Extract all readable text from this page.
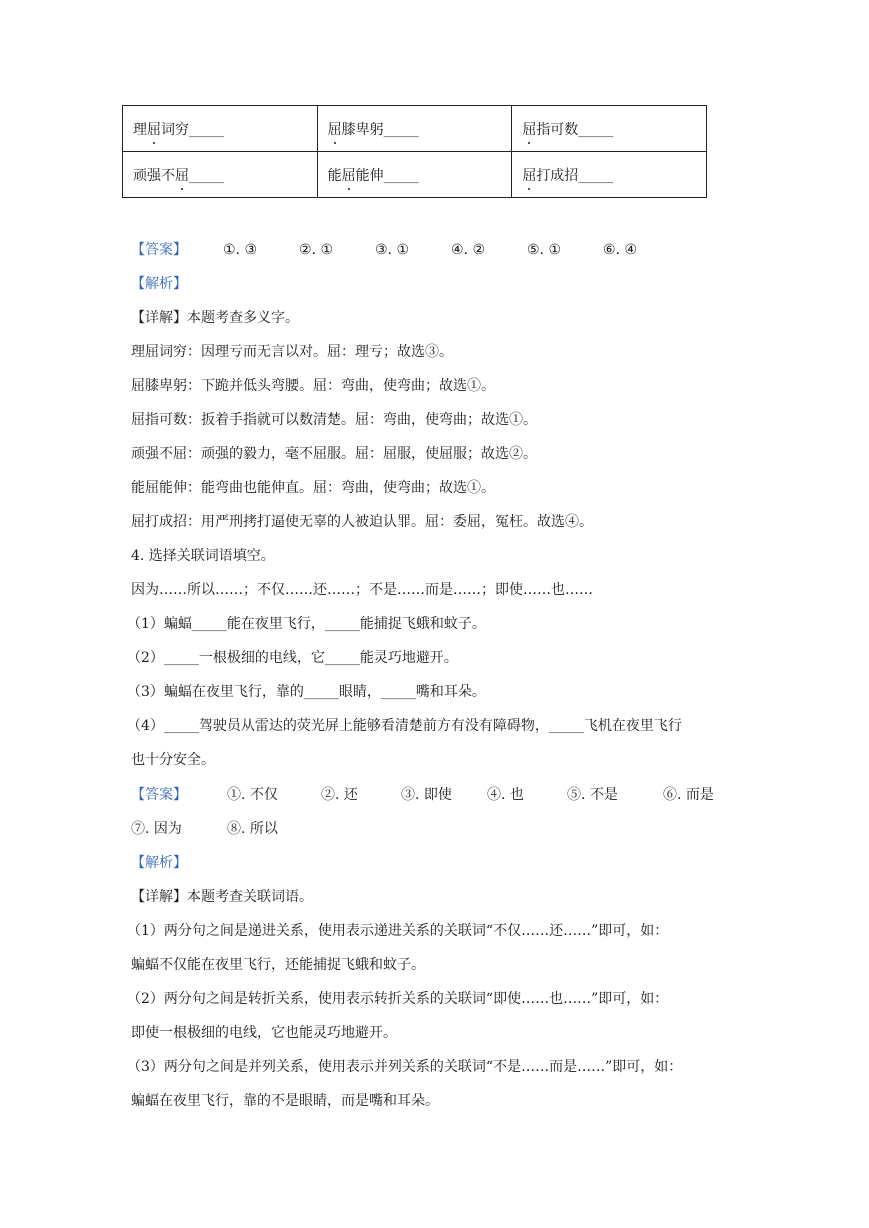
理屈词穷_____	屈膝卑躬_____	屈指可数_____
顽强不屈_____	能屈能伸_____	屈打成招_____
【答案】	①. ③	②. ①	③. ①	④. ②	⑤. ①	⑥. ④
【解析】
【详解】本题考查多义字。
理屈词穷：因理亏而无言以对。屈：理亏；故选③。
屈膝卑躬：下跪并低头弯腰。屈：弯曲，使弯曲；故选①。
屈指可数：扳着手指就可以数清楚。屈：弯曲，使弯曲；故选①。
顽强不屈：顽强的毅力，毫不屈服。屈：屈服，使屈服；故选②。
能屈能伸：能弯曲也能伸直。屈：弯曲，使弯曲；故选①。
屈打成招：用严刑拷打逼使无辜的人被迫认罪。屈：委屈，冤枉。故选④。
4. 选择关联词语填空。
因为……所以……；不仅……还……；不是……而是……；即使……也……
（1）蝙蝠_____能在夜里飞行，_____能捕捉飞蛾和蚊子。
（2）_____一根极细的电线，它_____能灵巧地避开。
（3）蝙蝠在夜里飞行，靠的_____眼睛，_____嘴和耳朵。
（4）_____驾驶员从雷达的荧光屏上能够看清楚前方有没有障碍物，_____飞机在夜里飞行
也十分安全。
【答案】	①. 不仅	②. 还	③. 即使	④. 也	⑤. 不是	⑥. 而是
⑦. 因为	⑧. 所以
【解析】
【详解】本题考查关联词语。
（1）两分句之间是递进关系，使用表示递进关系的关联词“不仅……还……”即可，如：
蝙蝠不仅能在夜里飞行，还能捕捉飞蛾和蚊子。
（2）两分句之间是转折关系，使用表示转折关系的关联词“即使……也……”即可，如：
即使一根极细的电线，它也能灵巧地避开。
（3）两分句之间是并列关系，使用表示并列关系的关联词“不是……而是……”即可，如：
蝙蝠在夜里飞行，靠的不是眼睛，而是嘴和耳朵。
